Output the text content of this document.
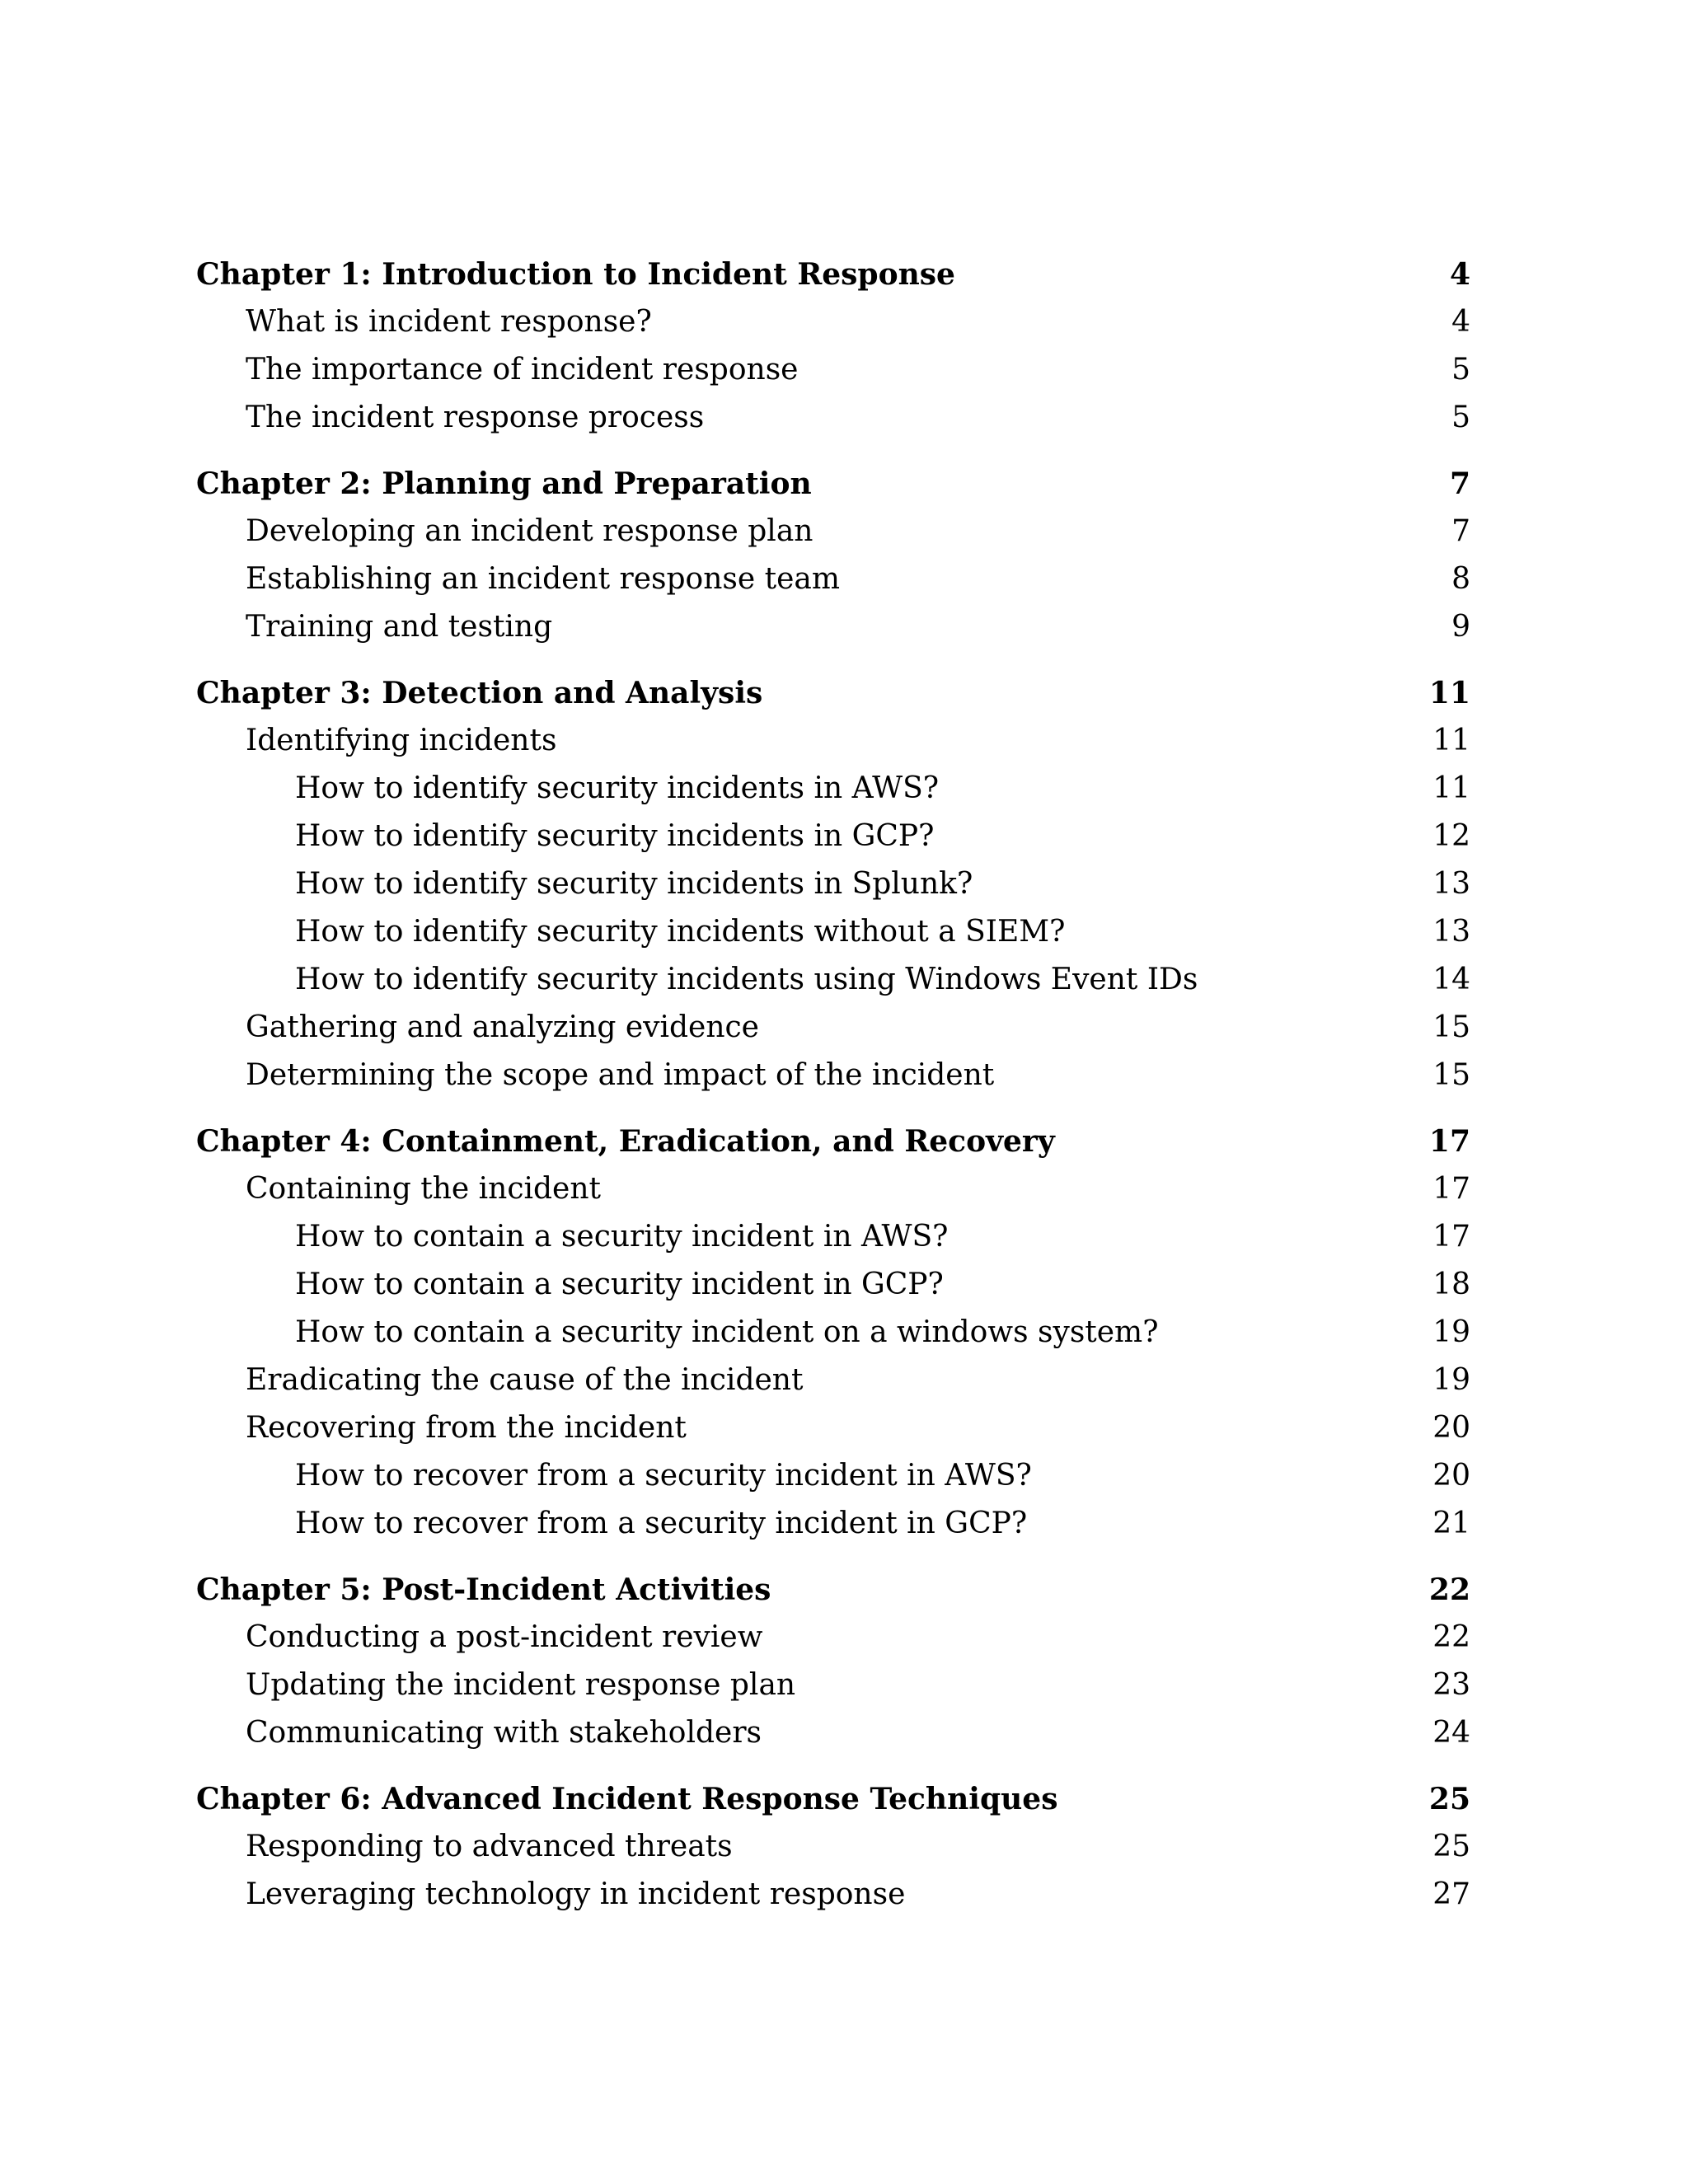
Chapter 1: Introduction to Incident Response	4
What is incident response?	4
The importance of incident response	5
The incident response process	5
Chapter 2: Planning and Preparation	7
Developing an incident response plan	7
Establishing an incident response team	8
Training and testing	9
Chapter 3: Detection and Analysis	11
Identifying incidents	11
How to identify security incidents in AWS?	11
How to identify security incidents in GCP?	12
How to identify security incidents in Splunk?	13
How to identify security incidents without a SIEM?	13
How to identify security incidents using Windows Event IDs	14
Gathering and analyzing evidence	15
Determining the scope and impact of the incident	15
Chapter 4: Containment, Eradication, and Recovery	17
Containing the incident	17
How to contain a security incident in AWS?	17
How to contain a security incident in GCP?	18
How to contain a security incident on a windows system?	19
Eradicating the cause of the incident	19
Recovering from the incident	20
How to recover from a security incident in AWS?	20
How to recover from a security incident in GCP?	21
Chapter 5: Post-Incident Activities	22
Conducting a post-incident review	22
Updating the incident response plan	23
Communicating with stakeholders	24
Chapter 6: Advanced Incident Response Techniques	25
Responding to advanced threats	25
Leveraging technology in incident response	27
